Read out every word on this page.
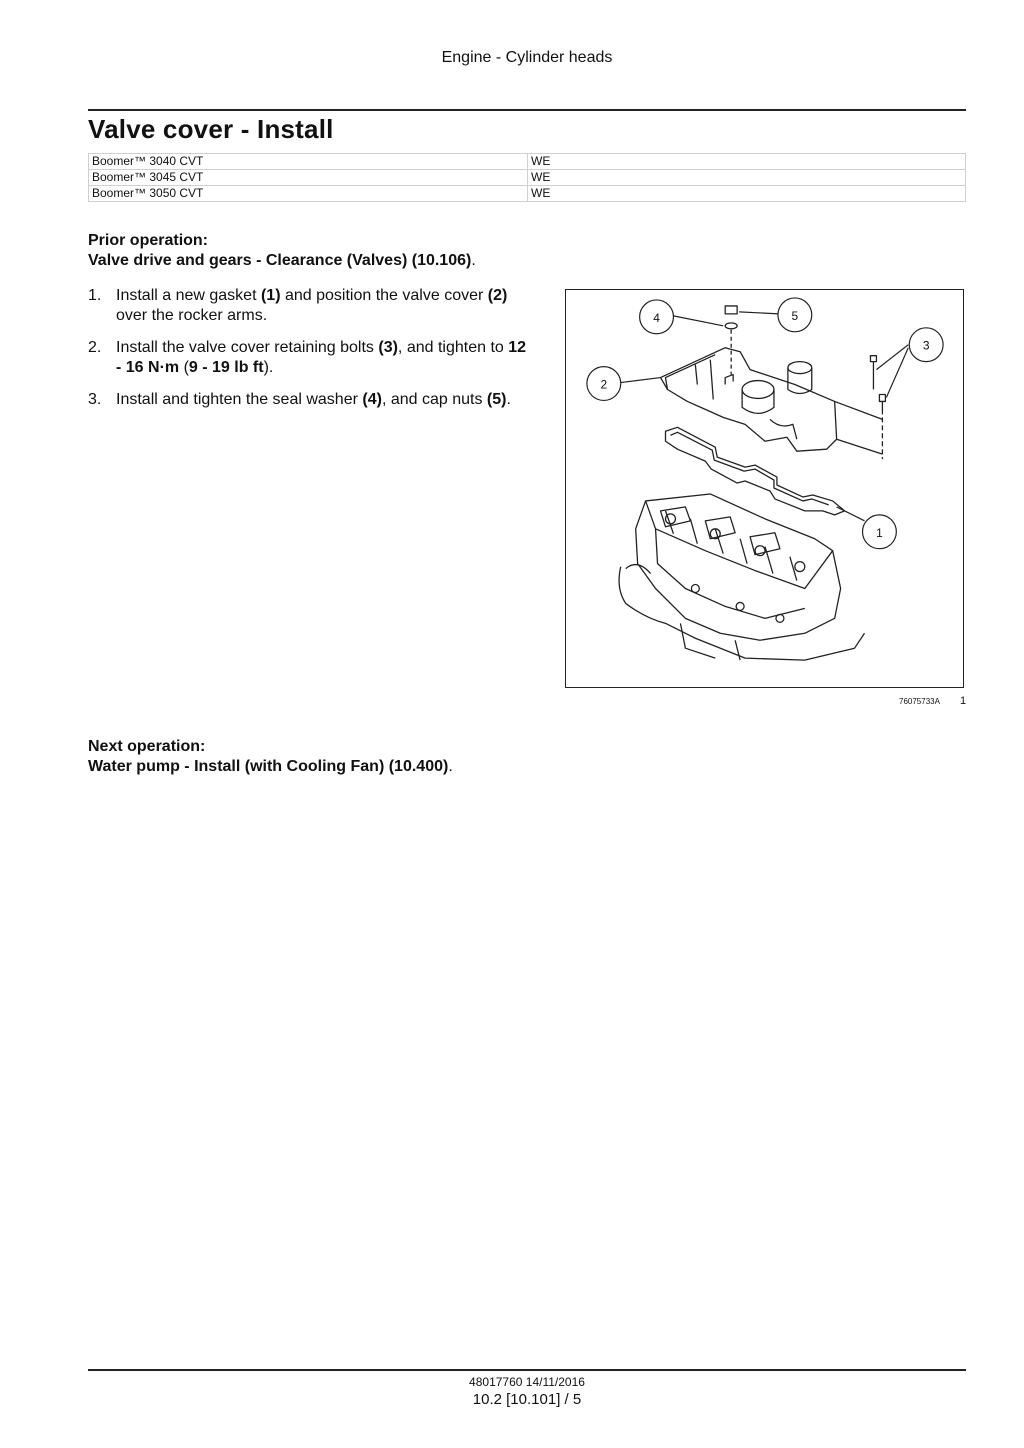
Engine - Cylinder heads
Valve cover - Install
Boomer™ 3040 CVT	WE
Boomer™ 3045 CVT	WE
Boomer™ 3050 CVT	WE
Prior operation:
Valve drive and gears - Clearance (Valves) (10.106).
1. Install a new gasket (1) and position the valve cover (2) over the rocker arms.
2. Install the valve cover retaining bolts (3), and tighten to 12 - 16 N·m (9 - 19 lb ft).
3. Install and tighten the seal washer (4), and cap nuts (5).
4	5
3
2
1
76075733A 1
Next operation:
Water pump - Install (with Cooling Fan) (10.400).
48017760 14/11/2016
10.2 [10.101] / 5
